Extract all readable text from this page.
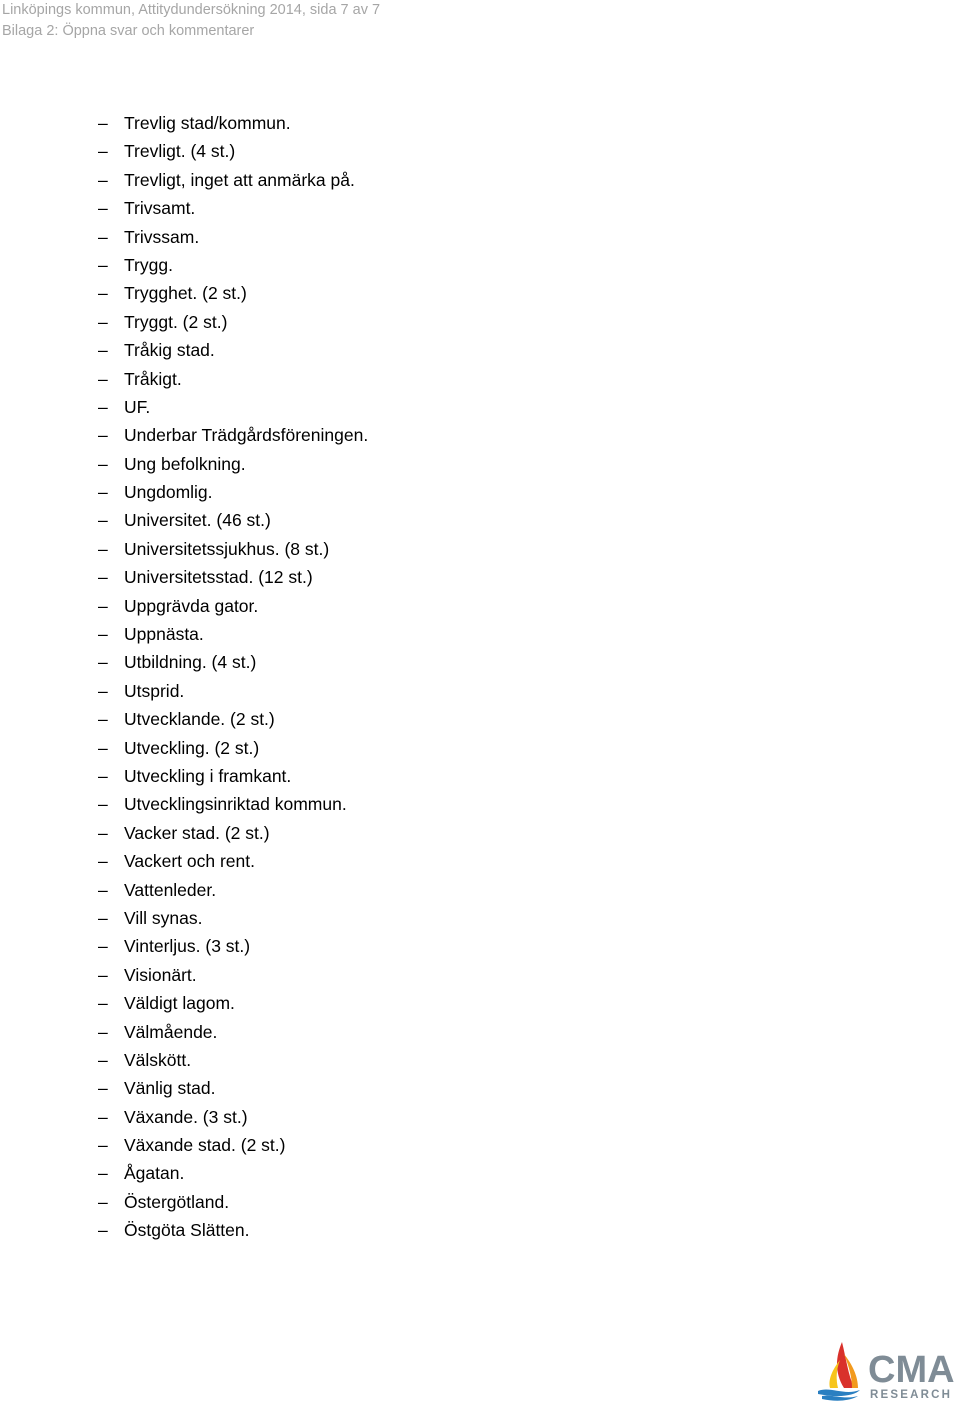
Linköpings kommun, Attitydundersökning 2014, sida 7 av 7
Bilaga 2: Öppna svar och kommentarer
– Trevlig stad/kommun.
– Trevligt. (4 st.)
– Trevligt, inget att anmärka på.
– Trivsamt.
– Trivssam.
– Trygg.
– Trygghet. (2 st.)
– Tryggt. (2 st.)
– Tråkig stad.
– Tråkigt.
– UF.
– Underbar Trädgårdsföreningen.
– Ung befolkning.
– Ungdomlig.
– Universitet. (46 st.)
– Universitetssjukhus. (8 st.)
– Universitetsstad. (12 st.)
– Uppgrävda gator.
– Uppnästa.
– Utbildning. (4 st.)
– Utsprid.
– Utvecklande. (2 st.)
– Utveckling. (2 st.)
– Utveckling i framkant.
– Utvecklingsinriktad kommun.
– Vacker stad. (2 st.)
– Vackert och rent.
– Vattenleder.
– Vill synas.
– Vinterljus. (3 st.)
– Visionärt.
– Väldigt lagom.
– Välmående.
– Välskött.
– Vänlig stad.
– Växande. (3 st.)
– Växande stad. (2 st.)
– Ågatan.
– Östergötland.
– Östgöta Slätten.
CMA
RESEARCH
